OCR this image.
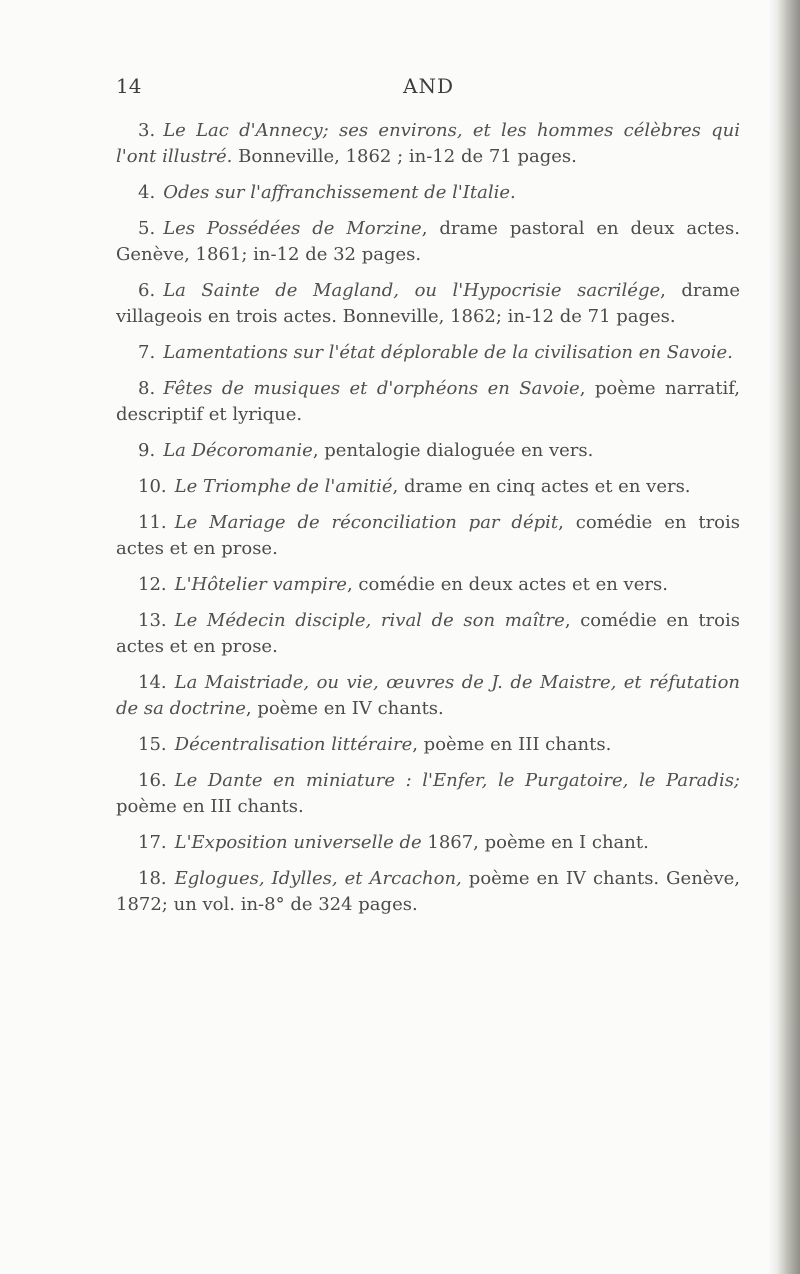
14	AND

3. Le Lac d'Annecy; ses environs, et les hommes célèbres qui l'ont illustré. Bonneville, 1862 ; in-12 de 71 pages.

4. Odes sur l'affranchissement de l'Italie.

5. Les Possédées de Morzine, drame pastoral en deux actes. Genève, 1861; in-12 de 32 pages.

6. La Sainte de Magland, ou l'Hypocrisie sacrilége, drame villageois en trois actes. Bonneville, 1862; in-12 de 71 pages.

7. Lamentations sur l'état déplorable de la civilisation en Savoie.

8. Fêtes de musiques et d'orphéons en Savoie, poème narratif, descriptif et lyrique.

9. La Décoromanie, pentalogie dialoguée en vers.

10. Le Triomphe de l'amitié, drame en cinq actes et en vers.

11. Le Mariage de réconciliation par dépit, comédie en trois actes et en prose.

12. L'Hôtelier vampire, comédie en deux actes et en vers.

13. Le Médecin disciple, rival de son maître, comédie en trois actes et en prose.

14. La Maistriade, ou vie, œuvres de J. de Maistre, et réfutation de sa doctrine, poème en IV chants.

15. Décentralisation littéraire, poème en III chants.

16. Le Dante en miniature : l'Enfer, le Purgatoire, le Paradis; poème en III chants.

17. L'Exposition universelle de 1867, poème en I chant.

18. Eglogues, Idylles, et Arcachon, poème en IV chants. Genève, 1872; un vol. in-8° de 324 pages.
